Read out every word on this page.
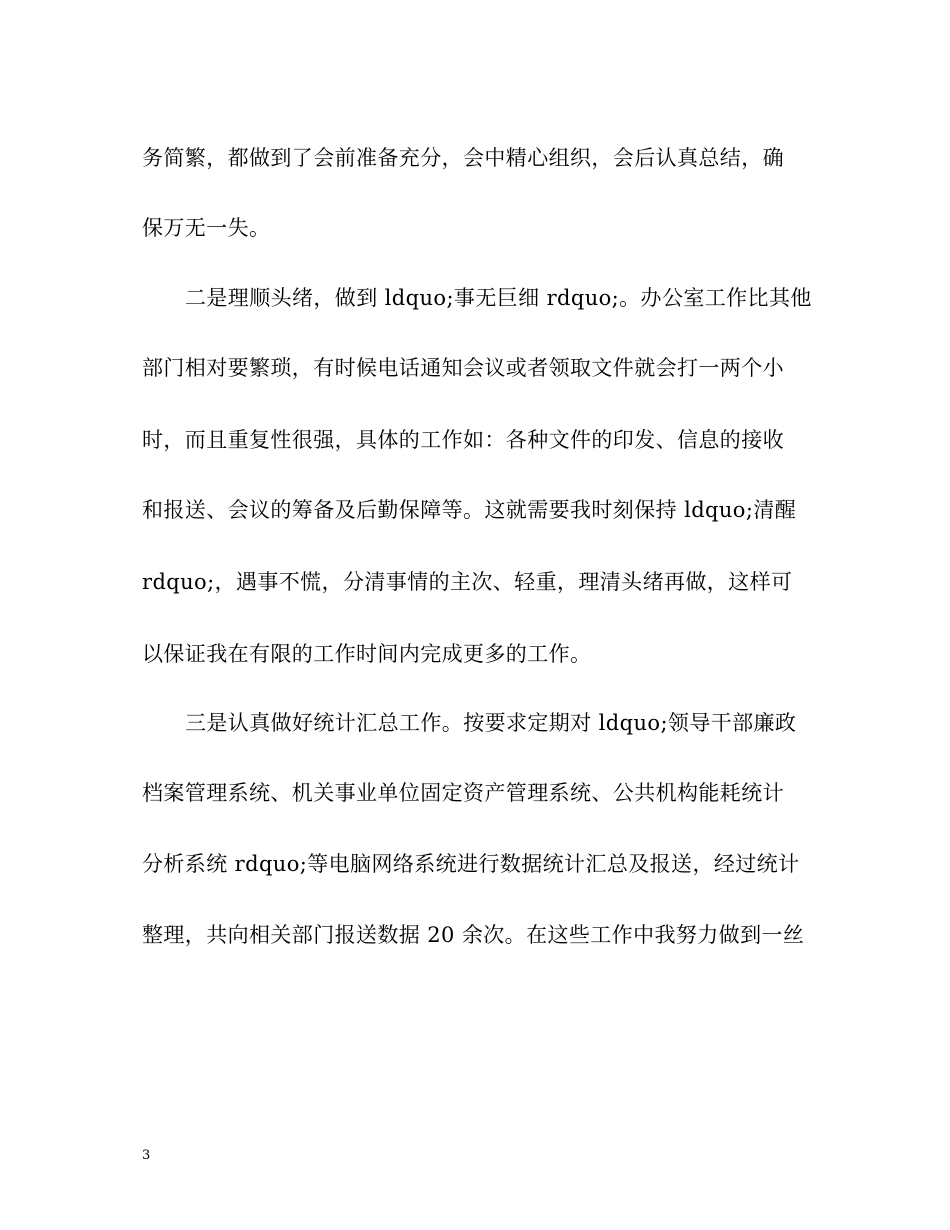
务简繁，都做到了会前准备充分，会中精心组织，会后认真总结，确
保万无一失。
二是理顺头绪，做到 ldquo;事无巨细 rdquo;。办公室工作比其他
部门相对要繁琐，有时候电话通知会议或者领取文件就会打一两个小
时，而且重复性很强，具体的工作如：各种文件的印发、信息的接收
和报送、会议的筹备及后勤保障等。这就需要我时刻保持 ldquo;清醒
rdquo;，遇事不慌，分清事情的主次、轻重，理清头绪再做，这样可
以保证我在有限的工作时间内完成更多的工作。
三是认真做好统计汇总工作。按要求定期对 ldquo;领导干部廉政
档案管理系统、机关事业单位固定资产管理系统、公共机构能耗统计
分析系统 rdquo;等电脑网络系统进行数据统计汇总及报送，经过统计
整理，共向相关部门报送数据 20 余次。在这些工作中我努力做到一丝
3
